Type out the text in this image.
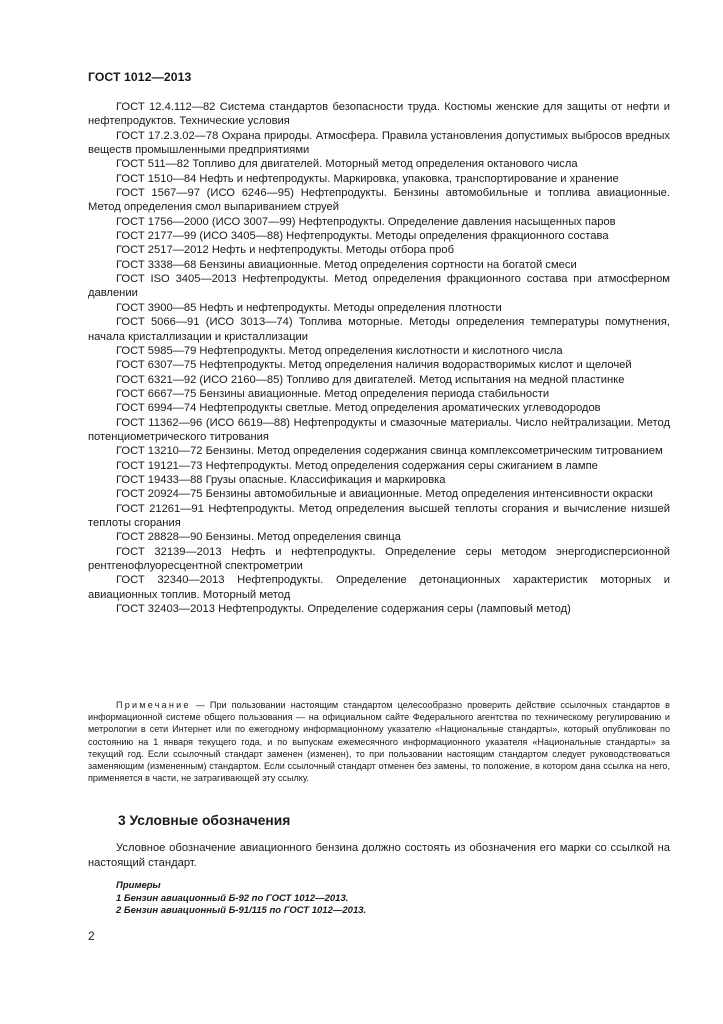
ГОСТ 1012—2013

ГОСТ 12.4.112—82 Система стандартов безопасности труда. Костюмы женские для защиты от нефти и нефтепродуктов. Технические условия

ГОСТ 17.2.3.02—78 Охрана природы. Атмосфера. Правила установления допустимых выбросов вредных веществ промышленными предприятиями

ГОСТ 511—82 Топливо для двигателей. Моторный метод определения октанового числа

ГОСТ 1510—84 Нефть и нефтепродукты. Маркировка, упаковка, транспортирование и хранение

ГОСТ 1567—97 (ИСО 6246—95) Нефтепродукты. Бензины автомобильные и топлива авиационные. Метод определения смол выпариванием струей

ГОСТ 1756—2000 (ИСО 3007—99) Нефтепродукты. Определение давления насыщенных паров

ГОСТ 2177—99 (ИСО 3405—88) Нефтепродукты. Методы определения фракционного состава

ГОСТ 2517—2012 Нефть и нефтепродукты. Методы отбора проб

ГОСТ 3338—68 Бензины авиационные. Метод определения сортности на богатой смеси

ГОСТ ISO 3405—2013 Нефтепродукты. Метод определения фракционного состава при атмосферном давлении

ГОСТ 3900—85 Нефть и нефтепродукты. Методы определения плотности

ГОСТ 5066—91 (ИСО 3013—74) Топлива моторные. Методы определения температуры помутнения, начала кристаллизации и кристаллизации

ГОСТ 5985—79 Нефтепродукты. Метод определения кислотности и кислотного числа

ГОСТ 6307—75 Нефтепродукты. Метод определения наличия водорастворимых кислот и щелочей

ГОСТ 6321—92 (ИСО 2160—85) Топливо для двигателей. Метод испытания на медной пластинке

ГОСТ 6667—75 Бензины авиационные. Метод определения периода стабильности

ГОСТ 6994—74 Нефтепродукты светлые. Метод определения ароматических углеводородов

ГОСТ 11362—96 (ИСО 6619—88) Нефтепродукты и смазочные материалы. Число нейтрализации. Метод потенциометрического титрования

ГОСТ 13210—72 Бензины. Метод определения содержания свинца комплексометрическим титрованием

ГОСТ 19121—73 Нефтепродукты. Метод определения содержания серы сжиганием в лампе

ГОСТ 19433—88 Грузы опасные. Классификация и маркировка

ГОСТ 20924—75 Бензины автомобильные и авиационные. Метод определения интенсивности окраски

ГОСТ 21261—91 Нефтепродукты. Метод определения высшей теплоты сгорания и вычисление низшей теплоты сгорания

ГОСТ 28828—90 Бензины. Метод определения свинца

ГОСТ 32139—2013 Нефть и нефтепродукты. Определение серы методом энергодисперсионной рентгенофлуоресцентной спектрометрии

ГОСТ 32340—2013 Нефтепродукты. Определение детонационных характеристик моторных и авиационных топлив. Моторный метод

ГОСТ 32403—2013 Нефтепродукты. Определение содержания серы (ламповый метод)

Примечание — При пользовании настоящим стандартом целесообразно проверить действие ссылочных стандартов в информационной системе общего пользования — на официальном сайте Федерального агентства по техническому регулированию и метрологии в сети Интернет или по ежегодному информационному указателю «Национальные стандарты», который опубликован по состоянию на 1 января текущего года, и по выпускам ежемесячного информационного указателя «Национальные стандарты» за текущий год. Если ссылочный стандарт заменен (изменен), то при пользовании настоящим стандартом следует руководствоваться заменяющим (измененным) стандартом. Если ссылочный стандарт отменен без замены, то положение, в котором дана ссылка на него, применяется в части, не затрагивающей эту ссылку.

3 Условные обозначения

Условное обозначение авиационного бензина должно состоять из обозначения его марки со ссылкой на настоящий стандарт.

Примеры
1 Бензин авиационный Б-92 по ГОСТ 1012—2013.
2 Бензин авиационный Б-91/115 по ГОСТ 1012—2013.
2
